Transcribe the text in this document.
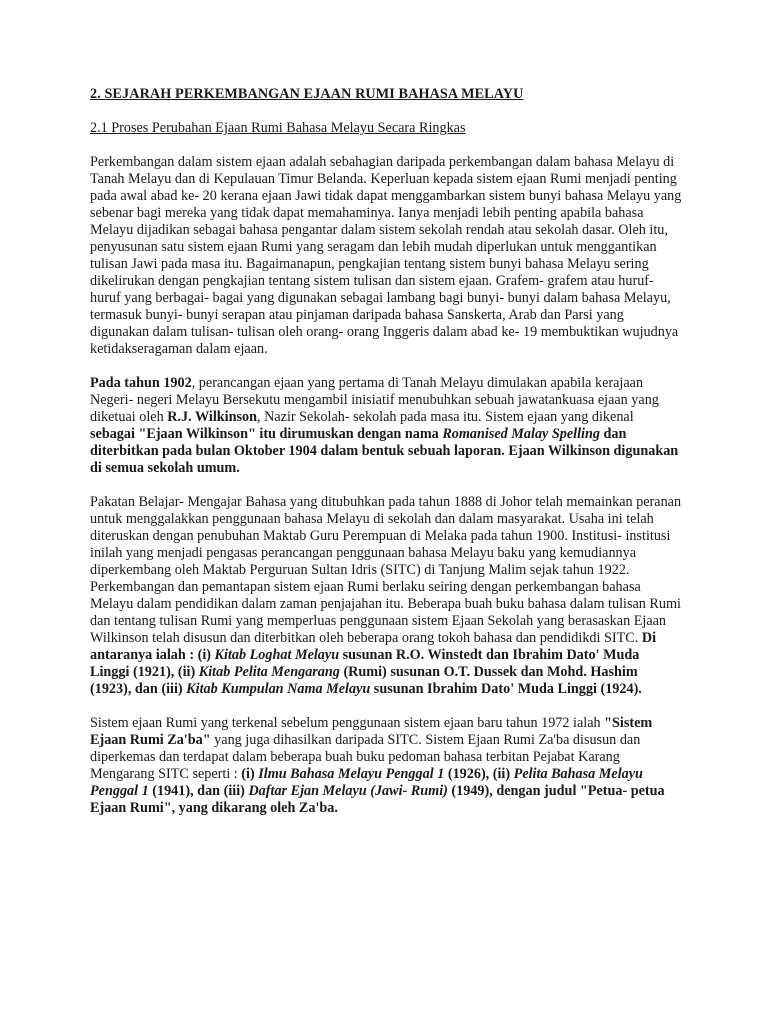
2. SEJARAH PERKEMBANGAN EJAAN RUMI BAHASA MELAYU
2.1 Proses Perubahan Ejaan Rumi Bahasa Melayu Secara Ringkas

Perkembangan dalam sistem ejaan adalah sebahagian daripada perkembangan dalam bahasa Melayu di Tanah Melayu dan di Kepulauan Timur Belanda. Keperluan kepada sistem ejaan Rumi menjadi penting pada awal abad ke- 20 kerana ejaan Jawi tidak dapat menggambarkan sistem bunyi bahasa Melayu yang sebenar bagi mereka yang tidak dapat memahaminya. Ianya menjadi lebih penting apabila bahasa Melayu dijadikan sebagai bahasa pengantar dalam sistem sekolah rendah atau sekolah dasar. Oleh itu, penyusunan satu sistem ejaan Rumi yang seragam dan lebih mudah diperlukan untuk menggantikan tulisan Jawi pada masa itu. Bagaimanapun, pengkajian tentang sistem bunyi bahasa Melayu sering dikelirukan dengan pengkajian tentang sistem tulisan dan sistem ejaan. Grafem- grafem atau huruf- huruf yang berbagai- bagai yang digunakan sebagai lambang bagi bunyi- bunyi dalam bahasa Melayu, termasuk bunyi- bunyi serapan atau pinjaman daripada bahasa Sanskerta, Arab dan Parsi yang digunakan dalam tulisan- tulisan oleh orang- orang Inggeris dalam abad ke- 19 membuktikan wujudnya ketidakseragaman dalam ejaan.

Pada tahun 1902, perancangan ejaan yang pertama di Tanah Melayu dimulakan apabila kerajaan Negeri- negeri Melayu Bersekutu mengambil inisiatif menubuhkan sebuah jawatankuasa ejaan yang diketuai oleh R.J. Wilkinson, Nazir Sekolah- sekolah pada masa itu. Sistem ejaan yang dikenal sebagai "Ejaan Wilkinson" itu dirumuskan dengan nama Romanised Malay Spelling dan diterbitkan pada bulan Oktober 1904 dalam bentuk sebuah laporan. Ejaan Wilkinson digunakan di semua sekolah umum.

Pakatan Belajar- Mengajar Bahasa yang ditubuhkan pada tahun 1888 di Johor telah memainkan peranan untuk menggalakkan penggunaan bahasa Melayu di sekolah dan dalam masyarakat. Usaha ini telah diteruskan dengan penubuhan Maktab Guru Perempuan di Melaka pada tahun 1900. Institusi- institusi inilah yang menjadi pengasas perancangan penggunaan bahasa Melayu baku yang kemudiannya diperkembang oleh Maktab Perguruan Sultan Idris (SITC) di Tanjung Malim sejak tahun 1922. Perkembangan dan pemantapan sistem ejaan Rumi berlaku seiring dengan perkembangan bahasa Melayu dalam pendidikan dalam zaman penjajahan itu. Beberapa buah buku bahasa dalam tulisan Rumi dan tentang tulisan Rumi yang memperluas penggunaan sistem Ejaan Sekolah yang berasaskan Ejaan Wilkinson telah disusun dan diterbitkan oleh beberapa orang tokoh bahasa dan pendidikdi SITC. Di antaranya ialah : (i) Kitab Loghat Melayu susunan R.O. Winstedt dan Ibrahim Dato' Muda Linggi (1921), (ii) Kitab Pelita Mengarang (Rumi) susunan O.T. Dussek dan Mohd. Hashim (1923), dan (iii) Kitab Kumpulan Nama Melayu susunan Ibrahim Dato' Muda Linggi (1924).

Sistem ejaan Rumi yang terkenal sebelum penggunaan sistem ejaan baru tahun 1972 ialah "Sistem Ejaan Rumi Za'ba" yang juga dihasilkan daripada SITC. Sistem Ejaan Rumi Za'ba disusun dan diperkemas dan terdapat dalam beberapa buah buku pedoman bahasa terbitan Pejabat Karang Mengarang SITC seperti : (i) Ilmu Bahasa Melayu Penggal 1 (1926), (ii) Pelita Bahasa Melayu Penggal 1 (1941), dan (iii) Daftar Ejan Melayu (Jawi- Rumi) (1949), dengan judul "Petua- petua Ejaan Rumi", yang dikarang oleh Za'ba.
